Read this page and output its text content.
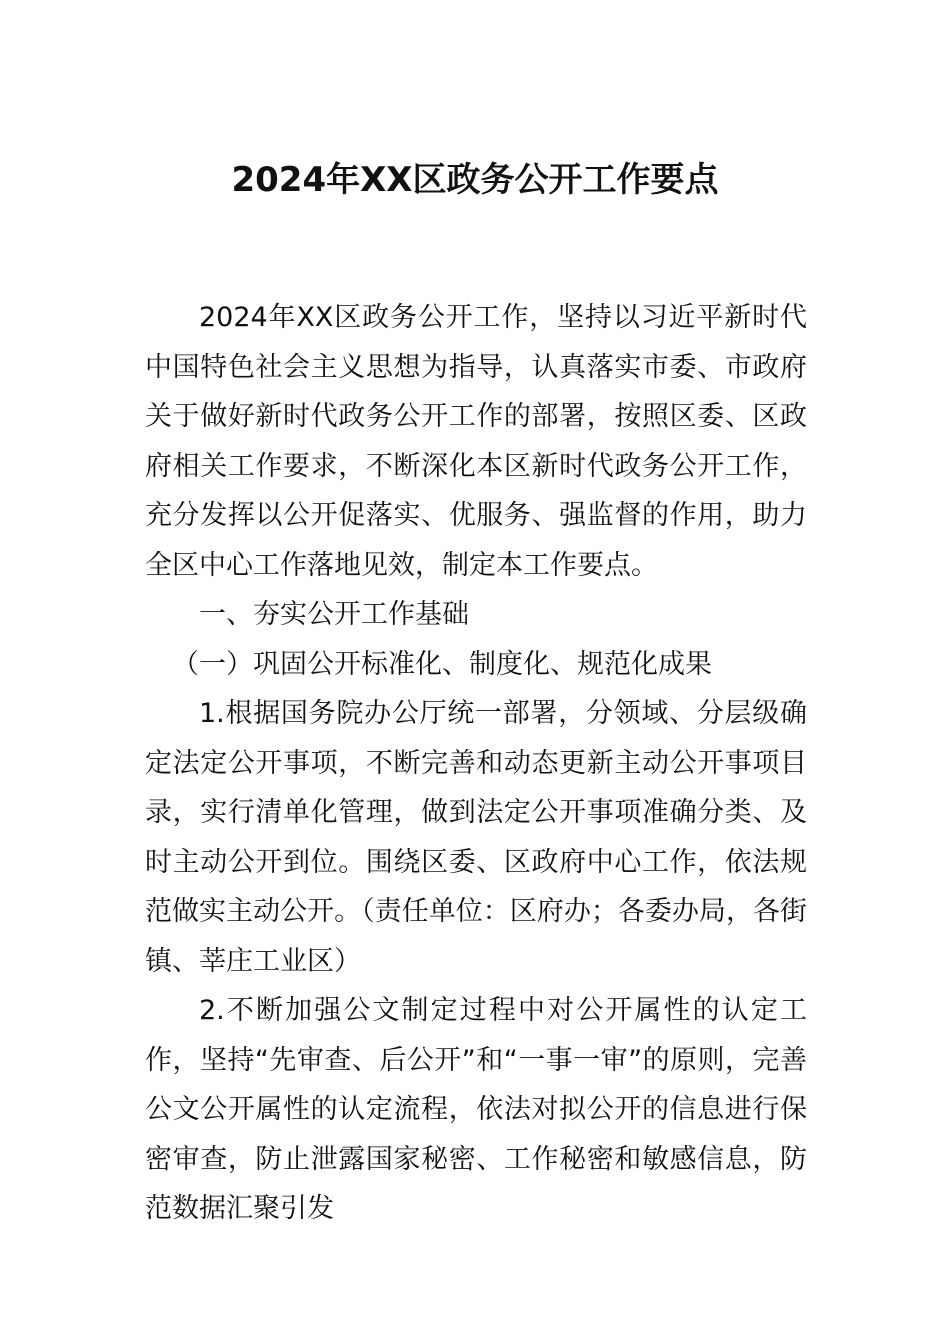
2024年XX区政务公开工作要点

2024年XX区政务公开工作，坚持以习近平新时代中国特色社会主义思想为指导，认真落实市委、市政府关于做好新时代政务公开工作的部署，按照区委、区政府相关工作要求，不断深化本区新时代政务公开工作，充分发挥以公开促落实、优服务、强监督的作用，助力全区中心工作落地见效，制定本工作要点。

一、夯实公开工作基础

（一）巩固公开标准化、制度化、规范化成果

1.根据国务院办公厅统一部署，分领域、分层级确定法定公开事项，不断完善和动态更新主动公开事项目录，实行清单化管理，做到法定公开事项准确分类、及时主动公开到位。围绕区委、区政府中心工作，依法规范做实主动公开。（责任单位：区府办；各委办局，各街镇、莘庄工业区）

2.不断加强公文制定过程中对公开属性的认定工作，坚持“先审查、后公开”和“一事一审”的原则，完善公文公开属性的认定流程，依法对拟公开的信息进行保密审查，防止泄露国家秘密、工作秘密和敏感信息，防范数据汇聚引发
